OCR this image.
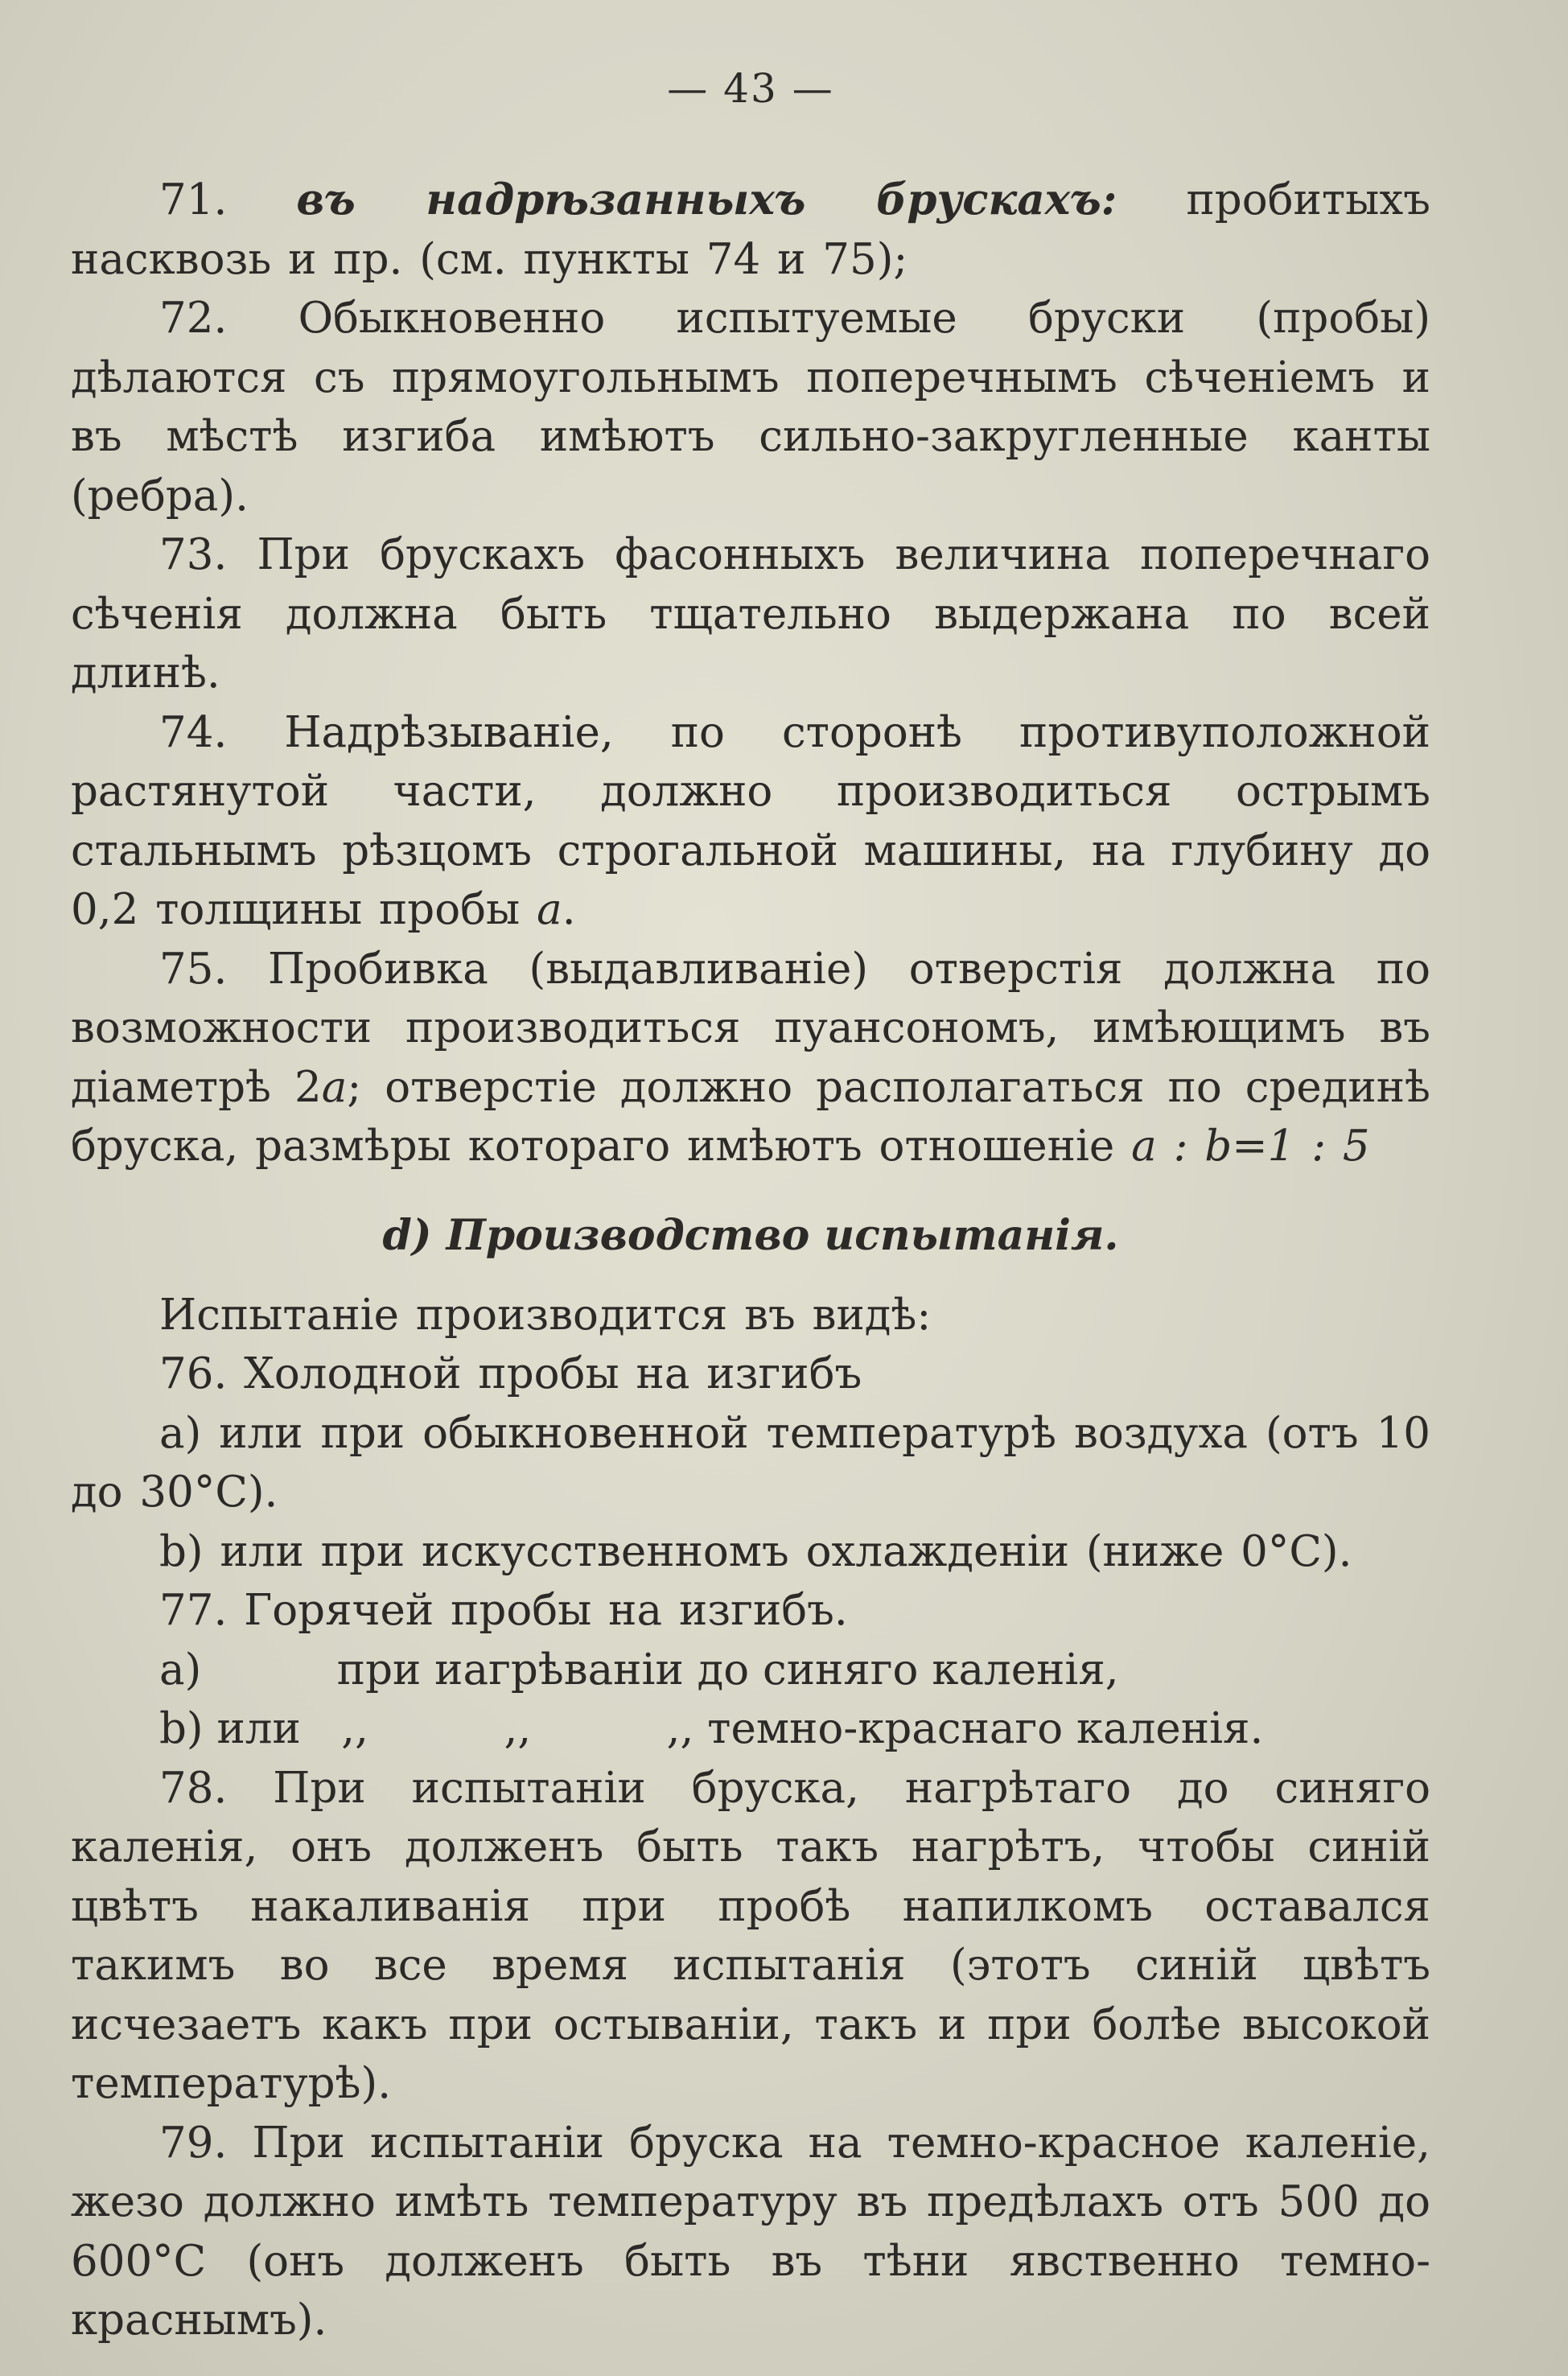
— 43 —

71. въ надрѣзанныхъ брускахъ: пробитыхъ насквозь и пр. (см. пункты 74 и 75);

72. Обыкновенно испытуемые бруски (пробы) дѣлаются съ прямоугольнымъ поперечнымъ сѣченіемъ и въ мѣстѣ изгиба имѣютъ сильно-закругленные канты (ребра).

73. При брускахъ фасонныхъ величина поперечнаго сѣченія должна быть тщательно выдержана по всей длинѣ.

74. Надрѣзываніе, по сторонѣ противуположной растянутой части, должно производиться острымъ стальнымъ рѣзцомъ строгальной машины, на глубину до 0,2 толщины пробы a.

75. Пробивка (выдавливаніе) отверстія должна по возможности производиться пуансономъ, имѣющимъ въ діаметрѣ 2a; отверстіе должно располагаться по срединѣ бруска, размѣры котораго имѣютъ отношеніе a : b=1 : 5

d) Производство испытанія.

Испытаніе производится въ видѣ:

76. Холодной пробы на изгибъ

a) или при обыкновенной температурѣ воздуха (отъ 10 до 30°С).

b) или при искусственномъ охлажденіи (ниже 0°С).

77. Горячей пробы на изгибъ.

a)          при иагрѣваніи до синяго каленія,

b) или   ,,          ,,          ,, темно-краснаго каленія.

78. При испытаніи бруска, нагрѣтаго до синяго каленія, онъ долженъ быть такъ нагрѣтъ, чтобы синій цвѣтъ накаливанія при пробѣ напилкомъ оставался такимъ во все время испытанія (этотъ синій цвѣтъ исчезаетъ какъ при остываніи, такъ и при болѣе высокой температурѣ).

79. При испытаніи бруска на темно-красное каленіе, жезо должно имѣть температуру въ предѣлахъ отъ 500 до 600°С (онъ долженъ быть въ тѣни явственно темно-краснымъ).
